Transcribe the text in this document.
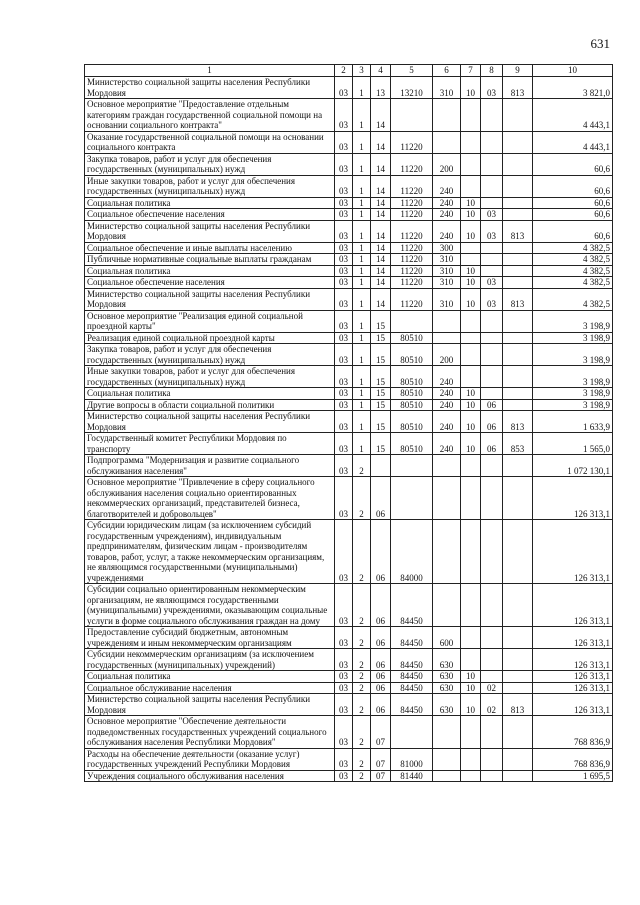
631
1	2	3	4	5	6	7	8	9	10
Министерство социальной защиты населения Республики Мордовия	03	1	13	13210	310	10	03	813	3 821,0
Основное мероприятие "Предоставление отдельным категориям граждан государственной социальной помощи на основании социального контракта"	03	1	14						4 443,1
Оказание государственной социальной помощи на основании социального контракта	03	1	14	11220					4 443,1
Закупка товаров, работ и услуг для обеспечения государственных (муниципальных) нужд	03	1	14	11220	200				60,6
Иные закупки товаров, работ и услуг для обеспечения государственных (муниципальных) нужд	03	1	14	11220	240				60,6
Социальная политика	03	1	14	11220	240	10			60,6
Социальное обеспечение населения	03	1	14	11220	240	10	03		60,6
Министерство социальной защиты населения Республики Мордовия	03	1	14	11220	240	10	03	813	60,6
Социальное обеспечение и иные выплаты населению	03	1	14	11220	300				4 382,5
Публичные нормативные социальные выплаты гражданам	03	1	14	11220	310				4 382,5
Социальная политика	03	1	14	11220	310	10			4 382,5
Социальное обеспечение населения	03	1	14	11220	310	10	03		4 382,5
Министерство социальной защиты населения Республики Мордовия	03	1	14	11220	310	10	03	813	4 382,5
Основное мероприятие "Реализация единой социальной проездной карты"	03	1	15						3 198,9
Реализация единой социальной проездной карты	03	1	15	80510					3 198,9
Закупка товаров, работ и услуг для обеспечения государственных (муниципальных) нужд	03	1	15	80510	200				3 198,9
Иные закупки товаров, работ и услуг для обеспечения государственных (муниципальных) нужд	03	1	15	80510	240				3 198,9
Социальная политика	03	1	15	80510	240	10			3 198,9
Другие вопросы в области социальной политики	03	1	15	80510	240	10	06		3 198,9
Министерство социальной защиты населения Республики Мордовия	03	1	15	80510	240	10	06	813	1 633,9
Государственный комитет Республики Мордовия по транспорту	03	1	15	80510	240	10	06	853	1 565,0
Подпрограмма "Модернизация и развитие социального обслуживания населения"	03	2							1 072 130,1
Основное мероприятие "Привлечение в сферу социального обслуживания населения социально ориентированных некоммерческих организаций, представителей бизнеса, благотворителей и добровольцев"	03	2	06						126 313,1
Субсидии юридическим лицам (за исключением субсидий государственным учреждениям), индивидуальным предпринимателям, физическим лицам - производителям товаров, работ, услуг, а также некоммерческим организациям, не являющимся государственными (муниципальными) учреждениями	03	2	06	84000					126 313,1
Субсидии социально ориентированным некоммерческим организациям, не являющимся государственными (муниципальными) учреждениями, оказывающим социальные услуги в форме социального обслуживания граждан на дому	03	2	06	84450					126 313,1
Предоставление субсидий бюджетным, автономным учреждениям и иным некоммерческим организациям	03	2	06	84450	600				126 313,1
Субсидии некоммерческим организациям (за исключением государственных (муниципальных) учреждений)	03	2	06	84450	630				126 313,1
Социальная политика	03	2	06	84450	630	10			126 313,1
Социальное обслуживание населения	03	2	06	84450	630	10	02		126 313,1
Министерство социальной защиты населения Республики Мордовия	03	2	06	84450	630	10	02	813	126 313,1
Основное мероприятие "Обеспечение деятельности подведомственных государственных учреждений социального обслуживания населения Республики Мордовия"	03	2	07						768 836,9
Расходы на обеспечение деятельности (оказание услуг) государственных учреждений Республики Мордовия	03	2	07	81000					768 836,9
Учреждения социального обслуживания населения	03	2	07	81440					1 695,5
